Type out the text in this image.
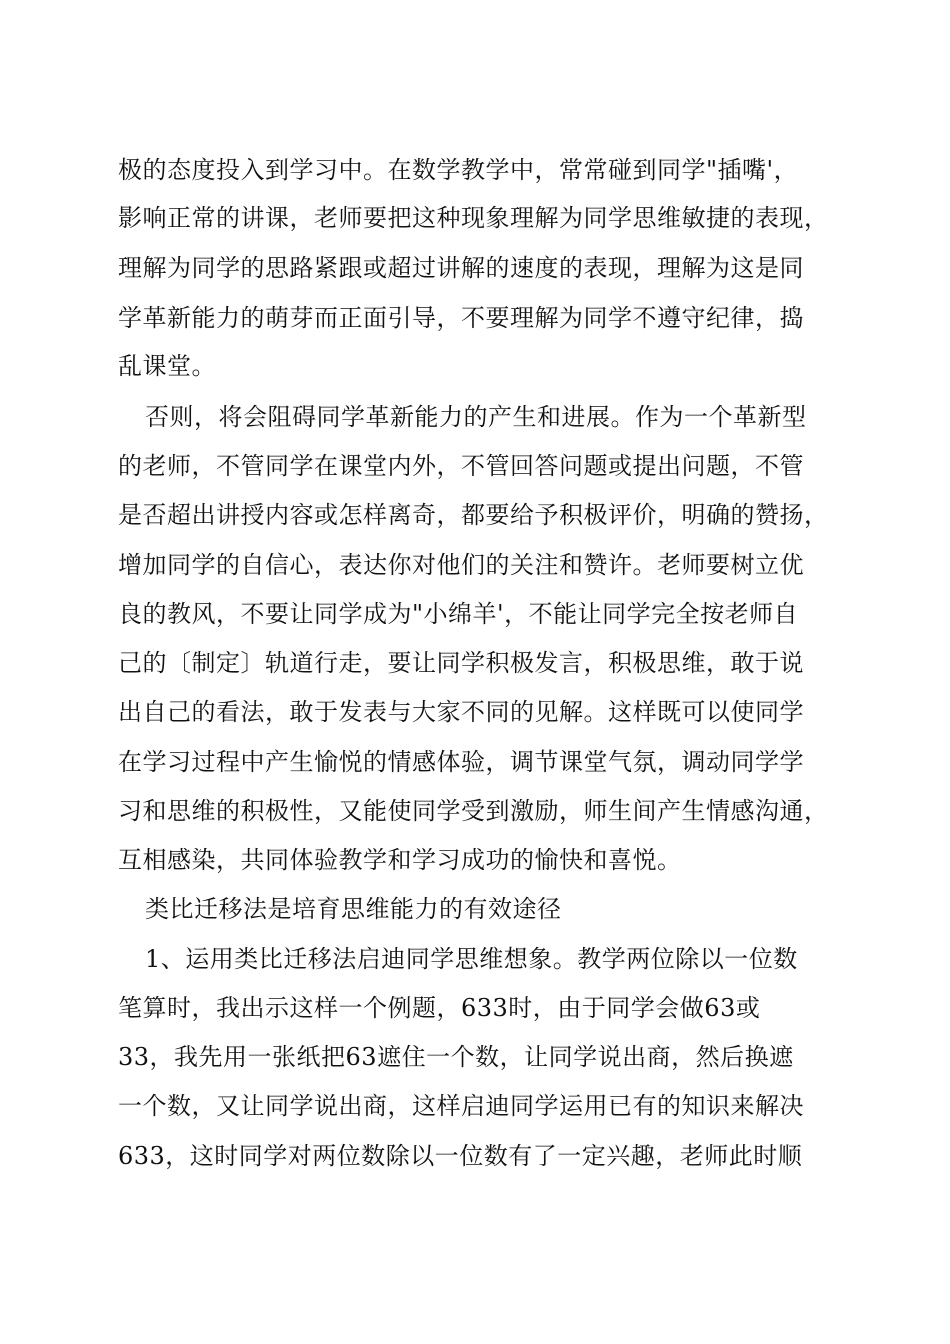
极的态度投入到学习中。在数学教学中，常常碰到同学"插嘴'，
影响正常的讲课，老师要把这种现象理解为同学思维敏捷的表现，
理解为同学的思路紧跟或超过讲解的速度的表现，理解为这是同
学革新能力的萌芽而正面引导，不要理解为同学不遵守纪律，捣
乱课堂。
否则，将会阻碍同学革新能力的产生和进展。作为一个革新型
的老师，不管同学在课堂内外，不管回答问题或提出问题，不管
是否超出讲授内容或怎样离奇，都要给予积极评价，明确的赞扬，
增加同学的自信心，表达你对他们的关注和赞许。老师要树立优
良的教风，不要让同学成为"小绵羊'，不能让同学完全按老师自
己的〔制定〕轨道行走，要让同学积极发言，积极思维，敢于说
出自己的看法，敢于发表与大家不同的见解。这样既可以使同学
在学习过程中产生愉悦的情感体验，调节课堂气氛，调动同学学
习和思维的积极性，又能使同学受到激励，师生间产生情感沟通，
互相感染，共同体验教学和学习成功的愉快和喜悦。
类比迁移法是培育思维能力的有效途径
1、运用类比迁移法启迪同学思维想象。教学两位除以一位数
笔算时，我出示这样一个例题，633时，由于同学会做63或
33，我先用一张纸把63遮住一个数，让同学说出商，然后换遮
一个数，又让同学说出商，这样启迪同学运用已有的知识来解决
633，这时同学对两位数除以一位数有了一定兴趣，老师此时顺
